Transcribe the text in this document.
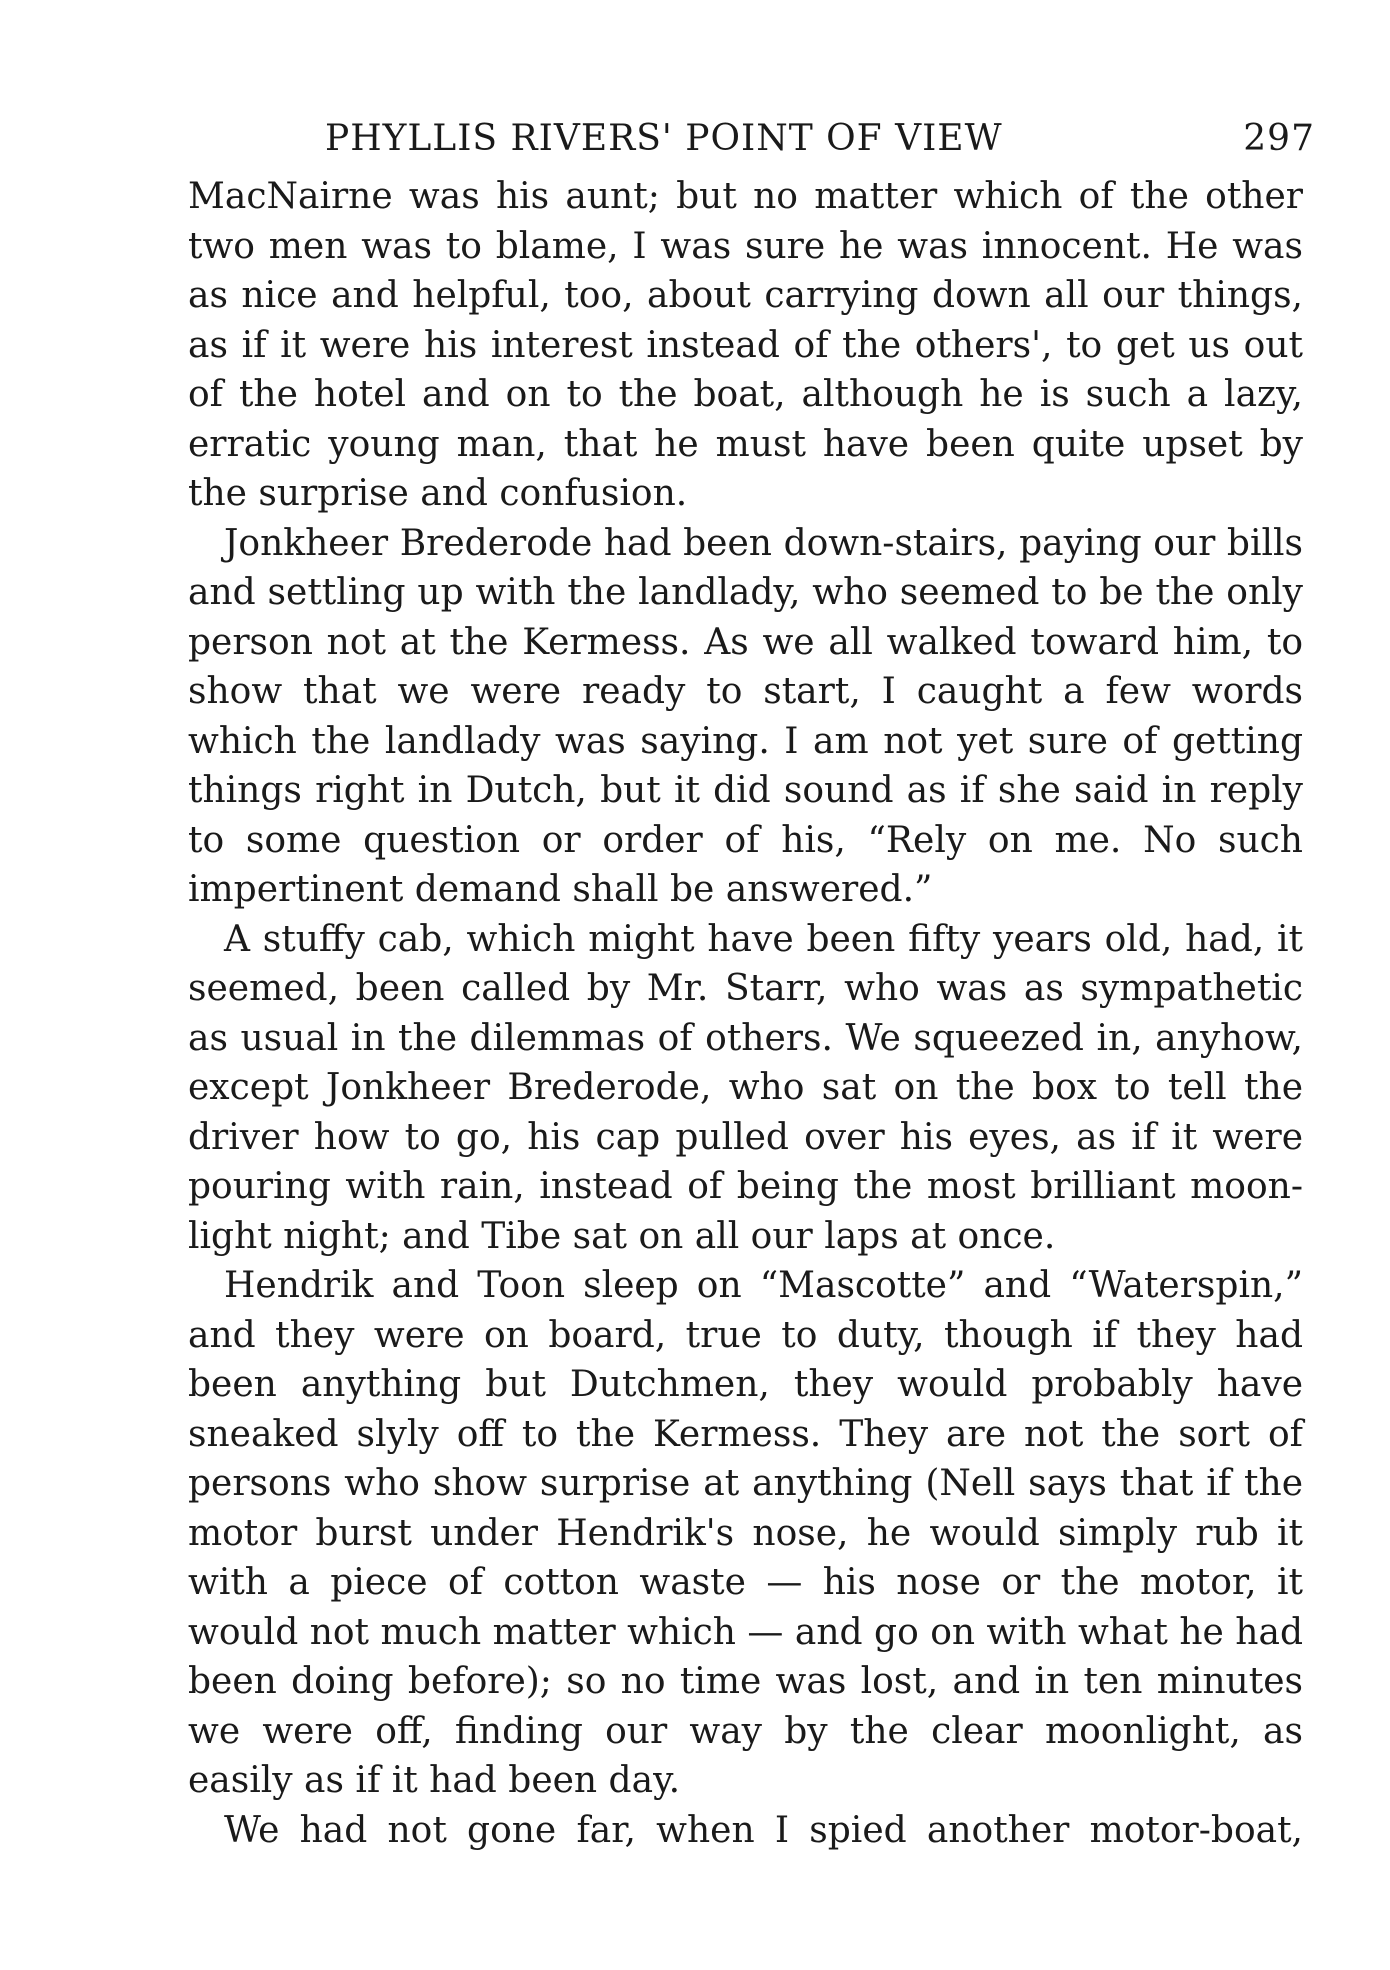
PHYLLIS RIVERS' POINT OF VIEW	297

MacNairne was his aunt; but no matter which of the other two men was to blame, I was sure he was innocent. He was as nice and helpful, too, about carrying down all our things, as if it were his interest instead of the others', to get us out of the hotel and on to the boat, although he is such a lazy, erratic young man, that he must have been quite upset by the surprise and confusion.

Jonkheer Brederode had been down-stairs, paying our bills and settling up with the landlady, who seemed to be the only person not at the Kermess. As we all walked toward him, to show that we were ready to start, I caught a few words which the landlady was saying. I am not yet sure of getting things right in Dutch, but it did sound as if she said in reply to some question or order of his, “Rely on me. No such impertinent demand shall be answered.”

A stuffy cab, which might have been fifty years old, had, it seemed, been called by Mr. Starr, who was as sympathetic as usual in the dilemmas of others. We squeezed in, anyhow, except Jonkheer Brederode, who sat on the box to tell the driver how to go, his cap pulled over his eyes, as if it were pouring with rain, instead of being the most brilliant moonlight night; and Tibe sat on all our laps at once.

Hendrik and Toon sleep on “Mascotte” and “Waterspin,” and they were on board, true to duty, though if they had been anything but Dutchmen, they would probably have sneaked slyly off to the Kermess. They are not the sort of persons who show surprise at anything (Nell says that if the motor burst under Hendrik's nose, he would simply rub it with a piece of cotton waste — his nose or the motor, it would not much matter which — and go on with what he had been doing before); so no time was lost, and in ten minutes we were off, finding our way by the clear moonlight, as easily as if it had been day.

We had not gone far, when I spied another motor-boat,
